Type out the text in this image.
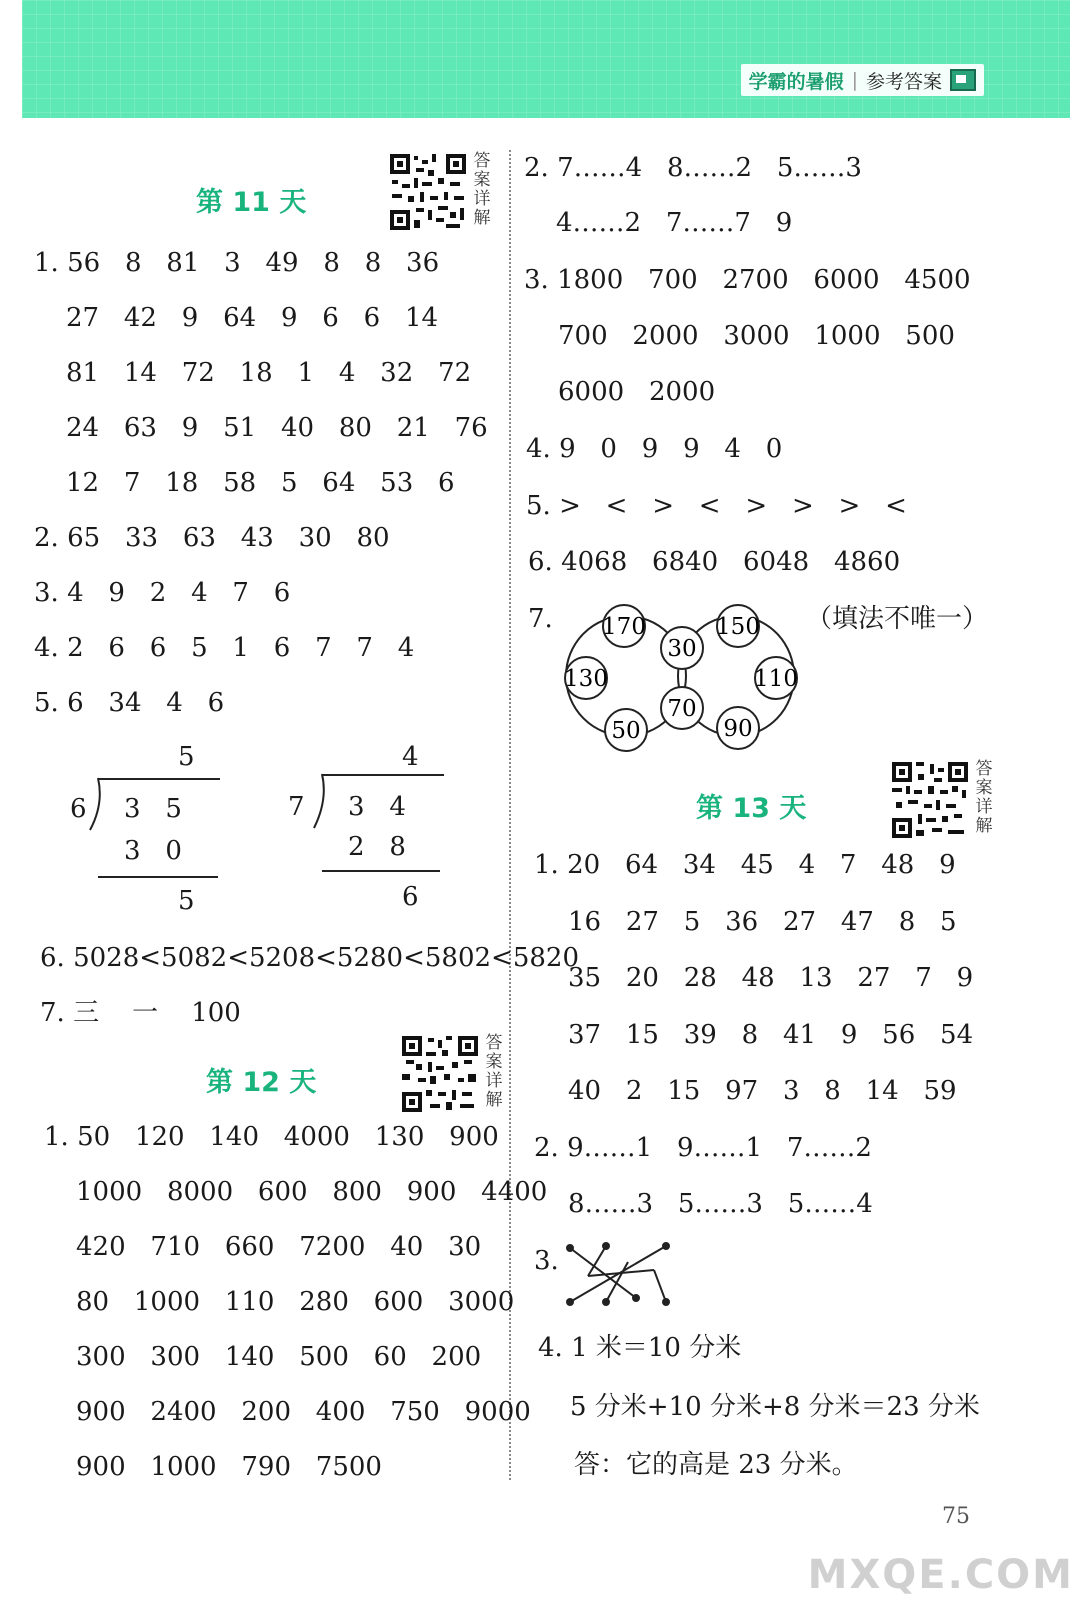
学霸的暑假 | 参考答案
第 11 天
答案详解
1. 56   8   81   3   49   8   8   36
27   42   9   64   9   6   6   14
81   14   72   18   1   4   32   72
24   63   9   51   40   80   21   76
12   7   18   58   5   64   53   6
2. 65   33   63   43   30   80
3. 4   9   2   4   7   6
4. 2   6   6   5   1   6   7   7   4
5. 6   34   4   6
5
6 3   5
3   0
5
4
7 3   4
2   8
6
6. 5028<5082<5208<5280<5802<5820
7. 三    一    100
第 12 天
答案详解
1. 50   120   140   4000   130   900
1000   8000   600   800   900   4400
420   710   660   7200   40   30
80   1000   110   280   600   3000
300   300   140   500   60   200
900   2400   200   400   750   9000
900   1000   790   7500
2. 7……4   8……2   5……3
4……2   7……7   9
3. 1800   700   2700   6000   4500
700   2000   3000   1000   500
6000   2000
4. 9   0   9   9   4   0
5. >   <   >   <   >   >   >   <
6. 4068   6840   6048   4860
7.	（填法不唯一）
170	150
30
130	110
70
50	90
第 13 天
答案详解
1. 20   64   34   45   4   7   48   9
16   27   5   36   27   47   8   5
35   20   28   48   13   27   7   9
37   15   39   8   41   9   56   54
40   2   15   97   3   8   14   59
2. 9……1   9……1   7……2
8……3   5……3   5……4
3.
4. 1 米＝10 分米
5 分米+10 分米+8 分米＝23 分米
答：它的高是 23 分米。
75
MXQE.COM
